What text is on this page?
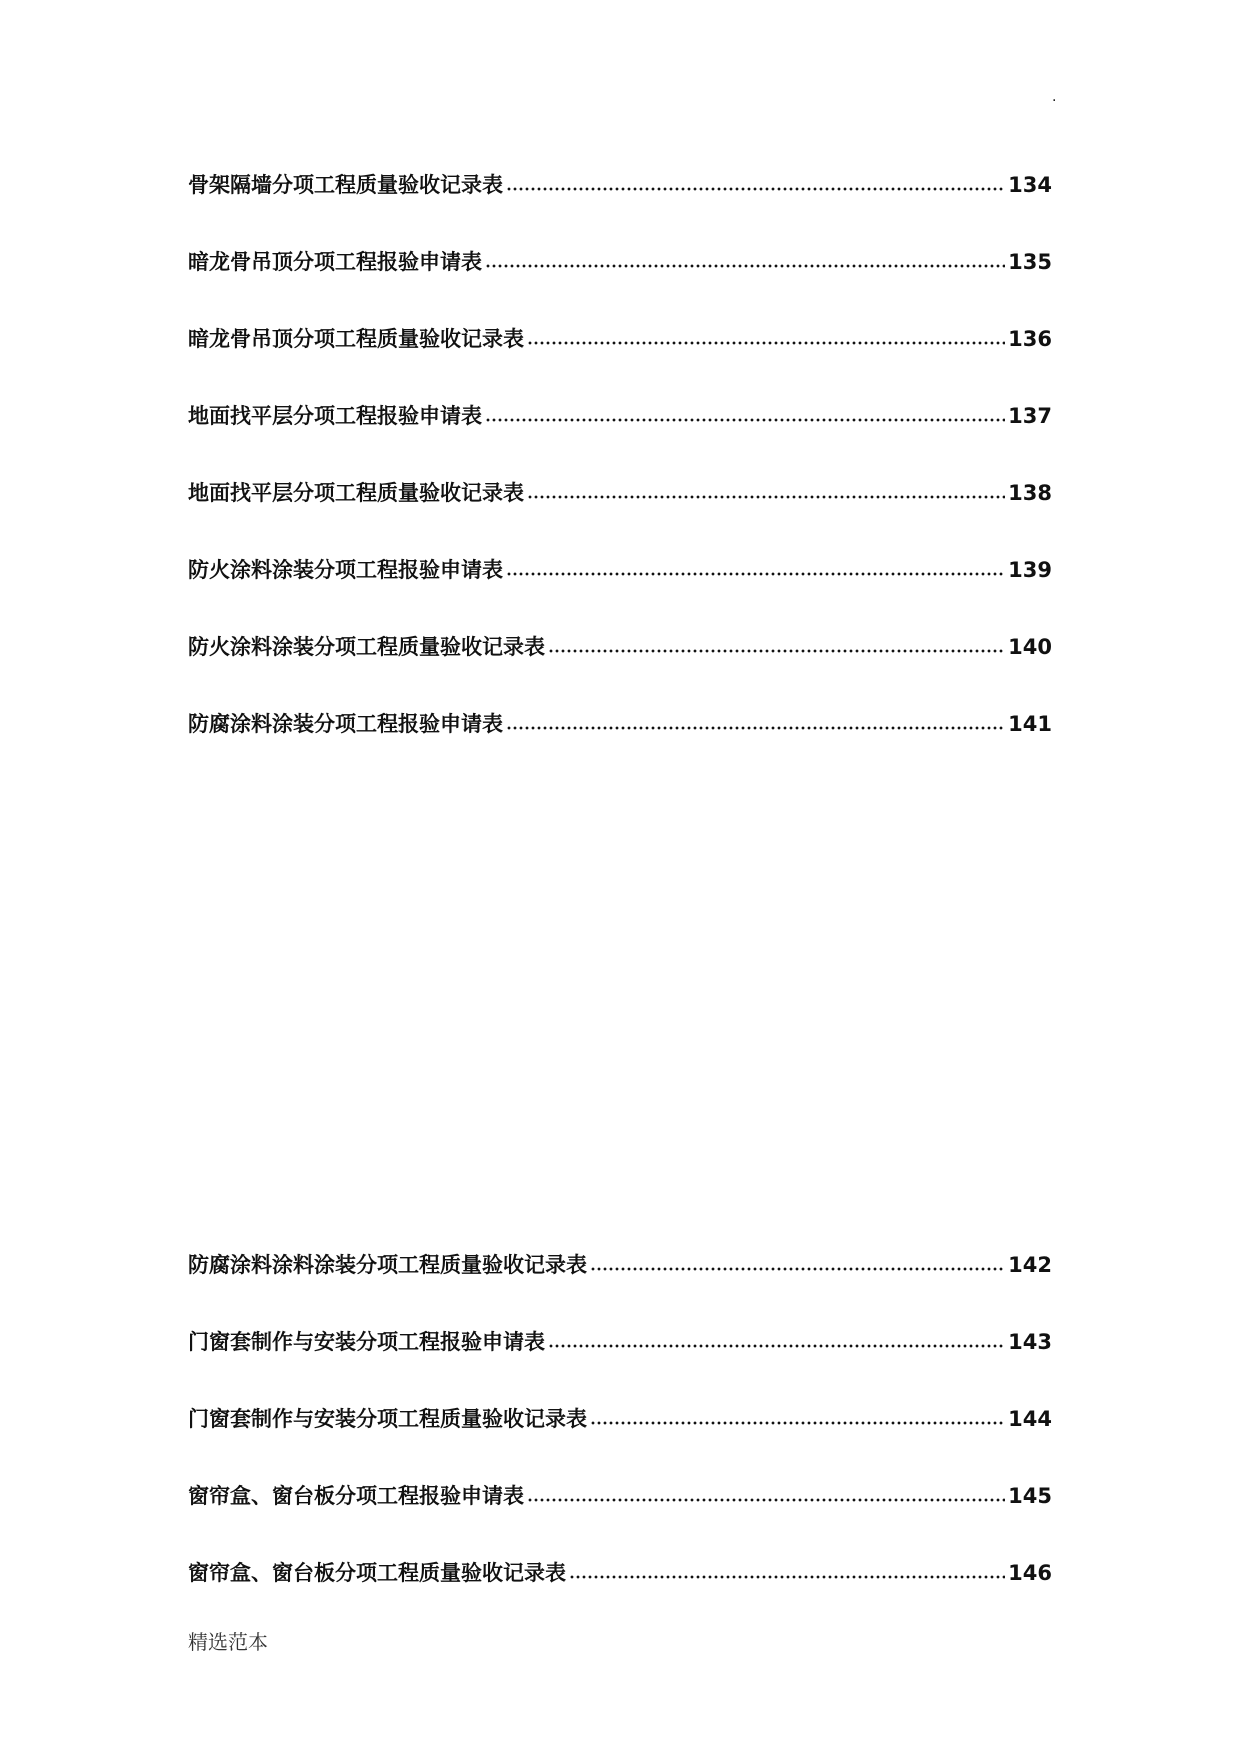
.
骨架隔墙分项工程质量验收记录表	134
暗龙骨吊顶分项工程报验申请表	135
暗龙骨吊顶分项工程质量验收记录表	136
地面找平层分项工程报验申请表	137
地面找平层分项工程质量验收记录表	138
防火涂料涂装分项工程报验申请表	139
防火涂料涂装分项工程质量验收记录表	140
防腐涂料涂装分项工程报验申请表	141
防腐涂料涂料涂装分项工程质量验收记录表	142
门窗套制作与安装分项工程报验申请表	143
门窗套制作与安装分项工程质量验收记录表	144
窗帘盒、窗台板分项工程报验申请表	145
窗帘盒、窗台板分项工程质量验收记录表	146
精选范本
